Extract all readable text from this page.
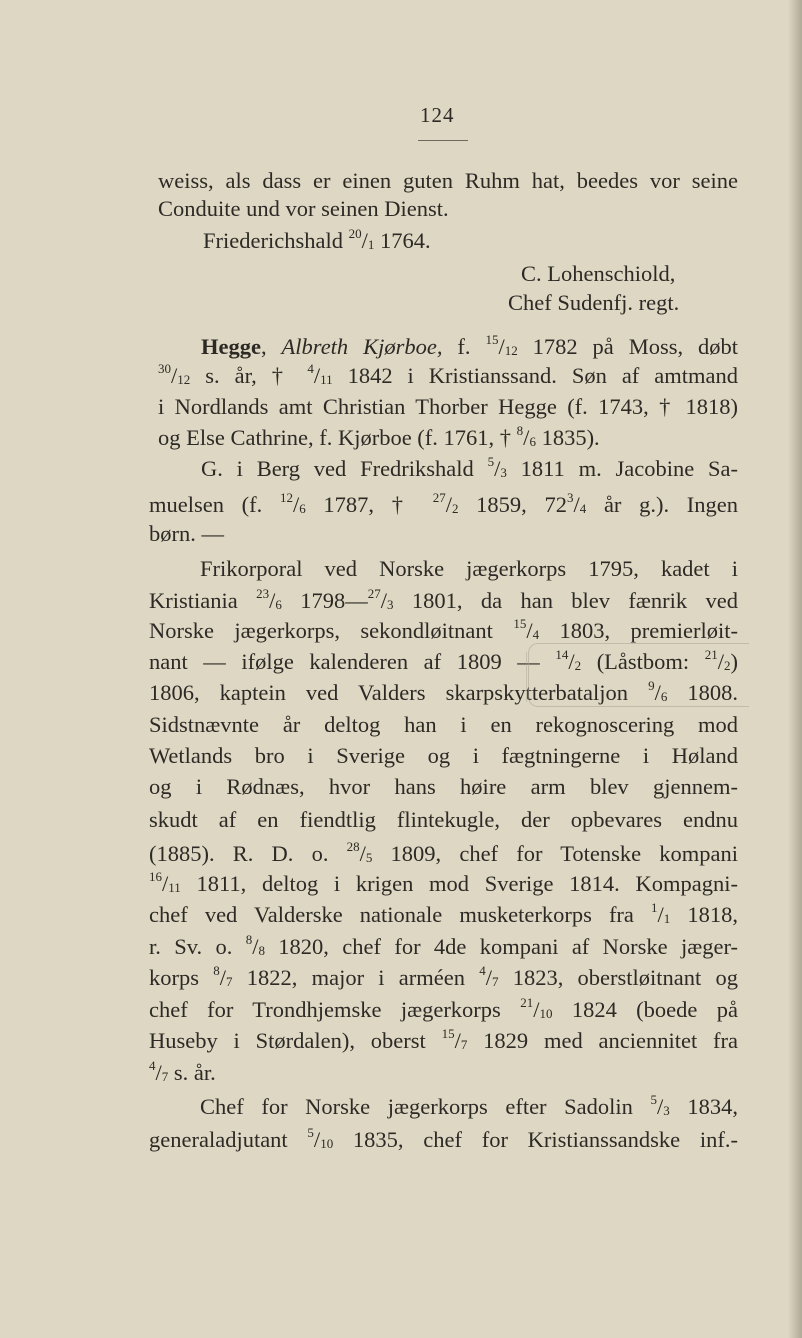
124
weiss, als dass er einen guten Ruhm hat, beedes vor seine
Conduite und vor seinen Dienst.
Friederichshald $^{20}/_1$ 1764.
C. Lohenschiold,
Chef Sudenfj. regt.
Hegge, Albreth Kjørboe, f. $^{15}/_{12}$ 1782 på Moss, døbt
$^{30}/_{12}$ s. år, † $^4/_{11}$ 1842 i Kristianssand. Søn af amtmand
i Nordlands amt Christian Thorber Hegge (f. 1743, † 1818)
og Else Cathrine, f. Kjørboe (f. 1761, † $^8/_6$ 1835).
G. i Berg ved Fredrikshald $^5/_3$ 1811 m. Jacobine Sa-
muelsen (f. $^{12}/_6$ 1787, † $^{27}/_2$ 1859, $72^3/_4$ år g.). Ingen
børn. —
Frikorporal ved Norske jægerkorps 1795, kadet i
Kristiania $^{23}/_6$ $1798—^{27}/_3$ 1801, da han blev fænrik ved
Norske jægerkorps, sekondløitnant $^{15}/_4$ 1803, premierløit-
nant — ifølge kalenderen af 1809 — $^{14}/_2$ (Låstbom: $^{21}/_2$)
1806, kaptein ved Valders skarpskytterbataljon $^9/_6$ 1808.
Sidstnævnte år deltog han i en rekognoscering mod
Wetlands bro i Sverige og i fægtningerne i Høland
og i Rødnæs, hvor hans høire arm blev gjennem-
skudt af en fiendtlig flintekugle, der opbevares endnu
(1885). R. D. o. $^{28}/_5$ 1809, chef for Totenske kompani
$^{16}/_{11}$ 1811, deltog i krigen mod Sverige 1814. Kompagni-
chef ved Valderske nationale musketerkorps fra $^1/_1$ 1818,
r. Sv. o. $^8/_8$ 1820, chef for 4de kompani af Norske jæger-
korps $^8/_7$ 1822, major i arméen $^4/_7$ 1823, oberstløitnant og
chef for Trondhjemske jægerkorps $^{21}/_{10}$ 1824 (boede på
Huseby i Størdalen), oberst $^{15}/_7$ 1829 med anciennitet fra
$^4/_7$ s. år.
Chef for Norske jægerkorps efter Sadolin $^5/_3$ 1834,
generaladjutant $^5/_{10}$ 1835, chef for Kristianssandske inf.-
